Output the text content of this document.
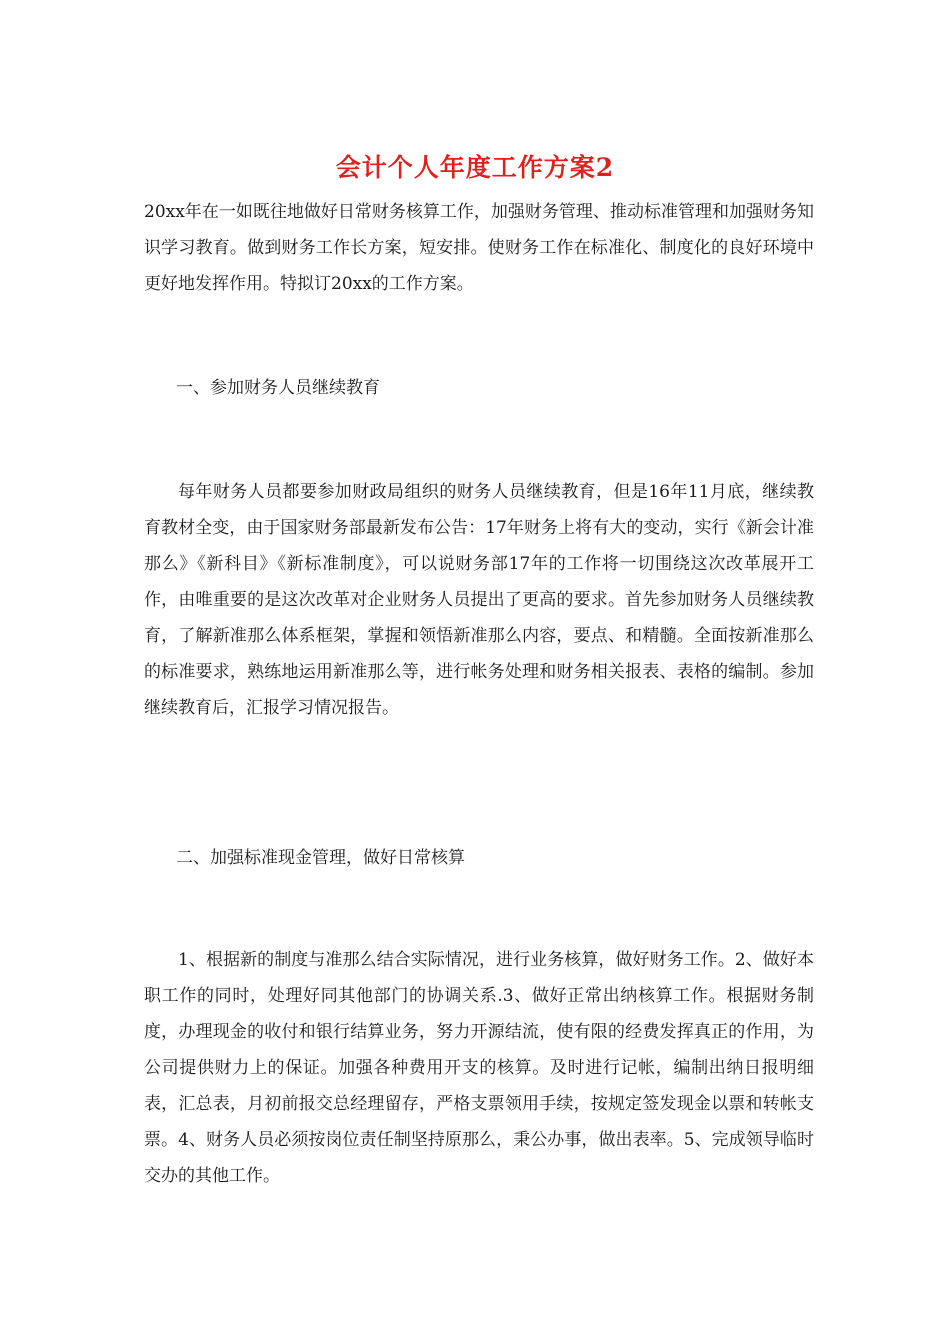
会计个人年度工作方案2

20xx年在一如既往地做好日常财务核算工作，加强财务管理、推动标准管理和加强财务知识学习教育。做到财务工作长方案，短安排。使财务工作在标准化、制度化的良好环境中更好地发挥作用。特拟订20xx的工作方案。

一、参加财务人员继续教育

每年财务人员都要参加财政局组织的财务人员继续教育，但是16年11月底，继续教育教材全变，由于国家财务部最新发布公告：17年财务上将有大的变动，实行《新会计准那么》《新科目》《新标准制度》，可以说财务部17年的工作将一切围绕这次改革展开工作，由唯重要的是这次改革对企业财务人员提出了更高的要求。首先参加财务人员继续教育，了解新准那么体系框架，掌握和领悟新准那么内容，要点、和精髓。全面按新准那么的标准要求，熟练地运用新准那么等，进行帐务处理和财务相关报表、表格的编制。参加继续教育后，汇报学习情况报告。

二、加强标准现金管理，做好日常核算

1、根据新的制度与准那么结合实际情况，进行业务核算，做好财务工作。2、做好本职工作的同时，处理好同其他部门的协调关系.3、做好正常出纳核算工作。根据财务制度，办理现金的收付和银行结算业务，努力开源结流，使有限的经费发挥真正的作用，为公司提供财力上的保证。加强各种费用开支的核算。及时进行记帐，编制出纳日报明细表，汇总表，月初前报交总经理留存，严格支票领用手续，按规定签发现金以票和转帐支票。4、财务人员必须按岗位责任制坚持原那么，秉公办事，做出表率。5、完成领导临时交办的其他工作。
